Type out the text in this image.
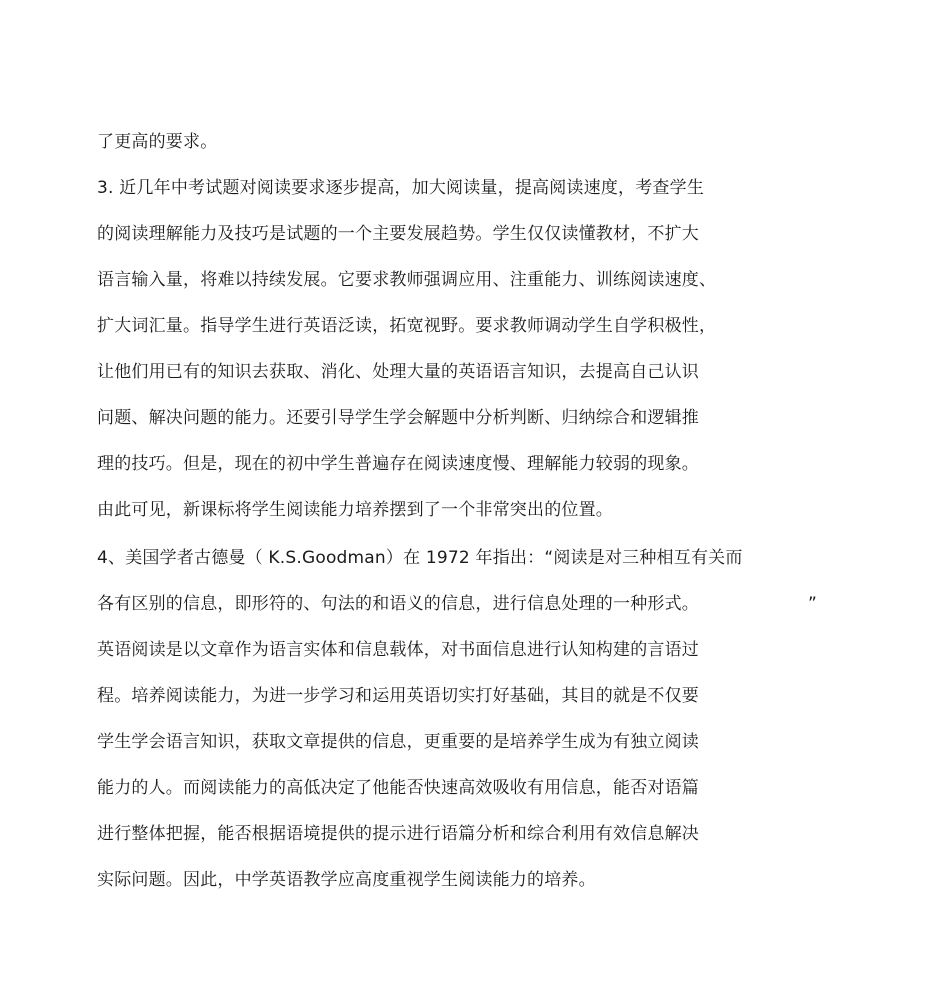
了更高的要求。
3. 近几年中考试题对阅读要求逐步提高，加大阅读量，提高阅读速度，考查学生
的阅读理解能力及技巧是试题的一个主要发展趋势。学生仅仅读懂教材，不扩大
语言输入量，将难以持续发展。它要求教师强调应用、注重能力、训练阅读速度、
扩大词汇量。指导学生进行英语泛读，拓宽视野。要求教师调动学生自学积极性，
让他们用已有的知识去获取、消化、处理大量的英语语言知识，去提高自己认识
问题、解决问题的能力。还要引导学生学会解题中分析判断、归纳综合和逻辑推
理的技巧。但是，现在的初中学生普遍存在阅读速度慢、理解能力较弱的现象。
由此可见，新课标将学生阅读能力培养摆到了一个非常突出的位置。
4、美国学者古德曼（ K.S.Goodman）在 1972 年指出：“阅读是对三种相互有关而
各有区别的信息，即形符的、句法的和语义的信息，进行信息处理的一种形式。	”
英语阅读是以文章作为语言实体和信息载体，对书面信息进行认知构建的言语过
程。培养阅读能力，为进一步学习和运用英语切实打好基础，其目的就是不仅要
学生学会语言知识，获取文章提供的信息，更重要的是培养学生成为有独立阅读
能力的人。而阅读能力的高低决定了他能否快速高效吸收有用信息，能否对语篇
进行整体把握，能否根据语境提供的提示进行语篇分析和综合利用有效信息解决
实际问题。因此，中学英语教学应高度重视学生阅读能力的培养。
